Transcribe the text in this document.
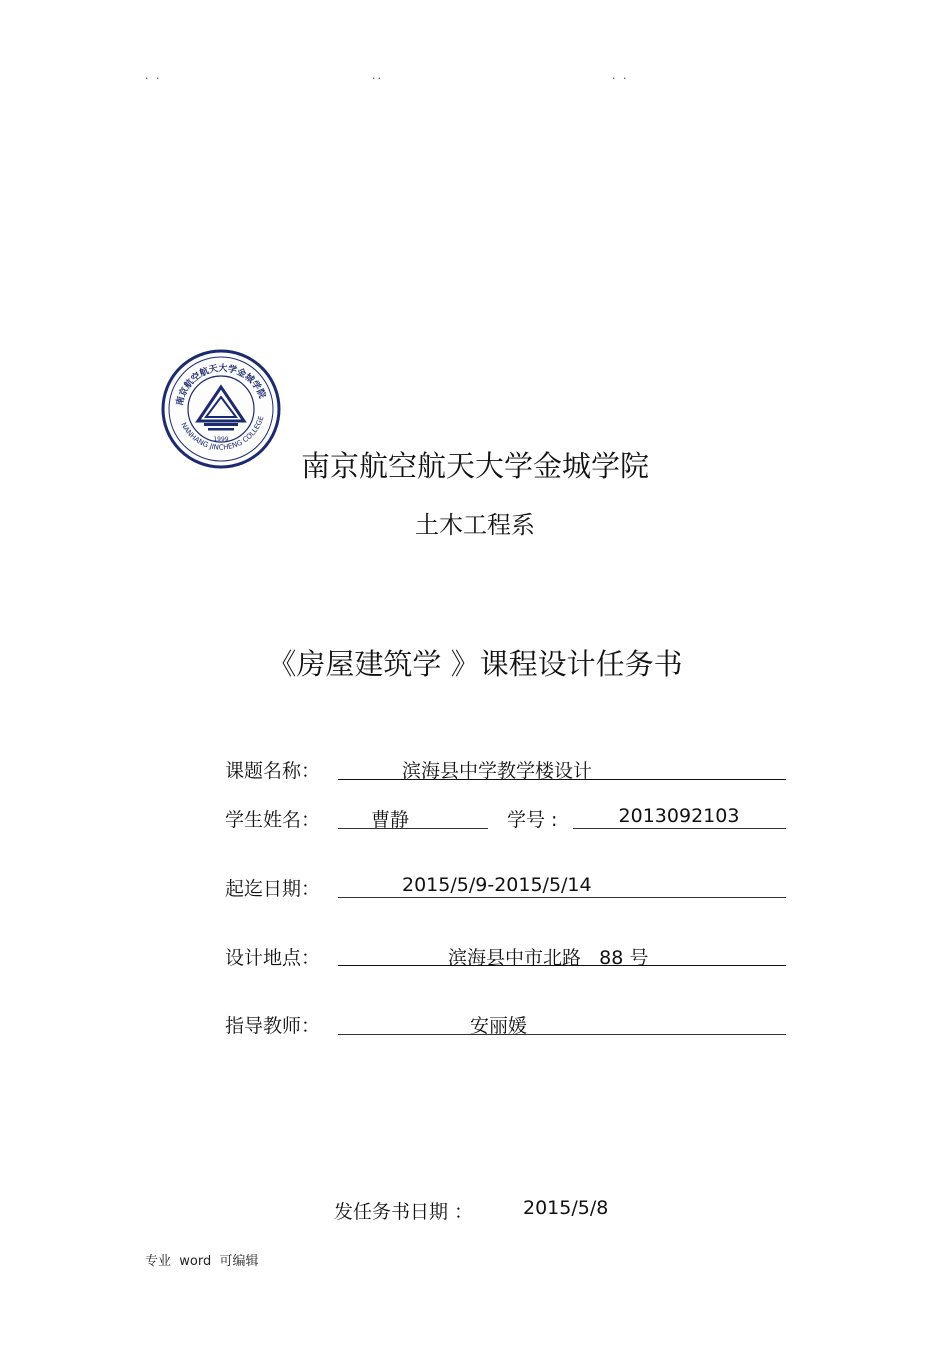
· ·	··	· ·
南京航空航天大学金城学院
NANHANG JINCHENG COLLEGE
1999
南京航空航天大学金城学院
土木工程系
《房屋建筑学 》课程设计任务书
课题名称：	滨海县中学教学楼设计
学生姓名：	曹静	学号 :	2013092103
起迄日期：	2015/5/9-2015/5/14
设计地点：	滨海县中市北路   88 号
指导教师：	安丽媛
发任务书日期 ：	2015/5/8
专业  word  可编辑
